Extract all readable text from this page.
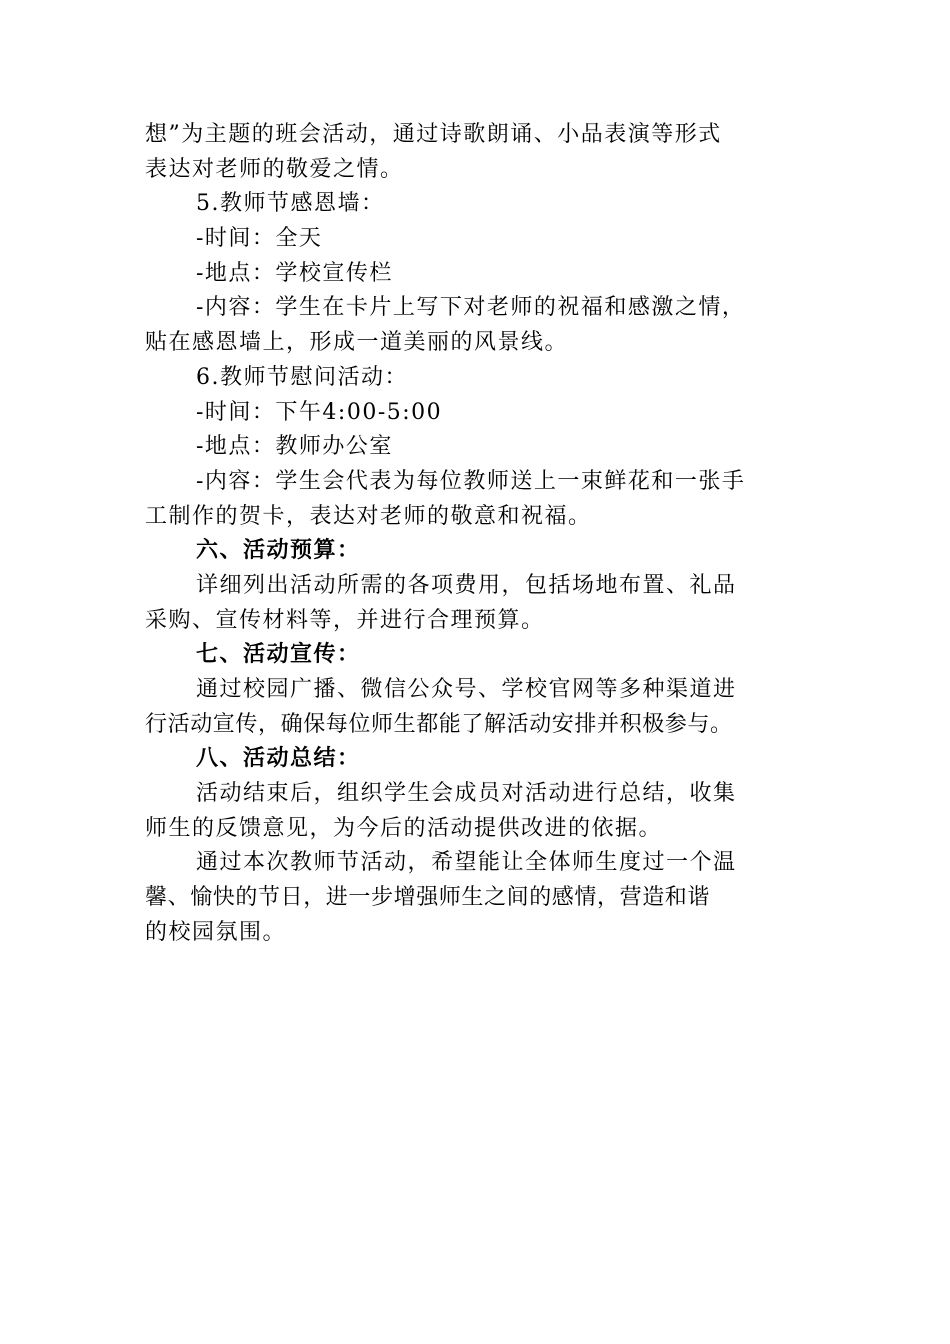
想”为主题的班会活动，通过诗歌朗诵、小品表演等形式
表达对老师的敬爱之情。
5.教师节感恩墙：
-时间：全天
-地点：学校宣传栏
-内容：学生在卡片上写下对老师的祝福和感激之情，
贴在感恩墙上，形成一道美丽的风景线。
6.教师节慰问活动：
-时间：下午4:00-5:00
-地点：教师办公室
-内容：学生会代表为每位教师送上一束鲜花和一张手
工制作的贺卡，表达对老师的敬意和祝福。
六、活动预算：
详细列出活动所需的各项费用，包括场地布置、礼品
采购、宣传材料等，并进行合理预算。
七、活动宣传：
通过校园广播、微信公众号、学校官网等多种渠道进
行活动宣传，确保每位师生都能了解活动安排并积极参与。
八、活动总结：
活动结束后，组织学生会成员对活动进行总结，收集
师生的反馈意见，为今后的活动提供改进的依据。
通过本次教师节活动，希望能让全体师生度过一个温
馨、愉快的节日，进一步增强师生之间的感情，营造和谐
的校园氛围。
